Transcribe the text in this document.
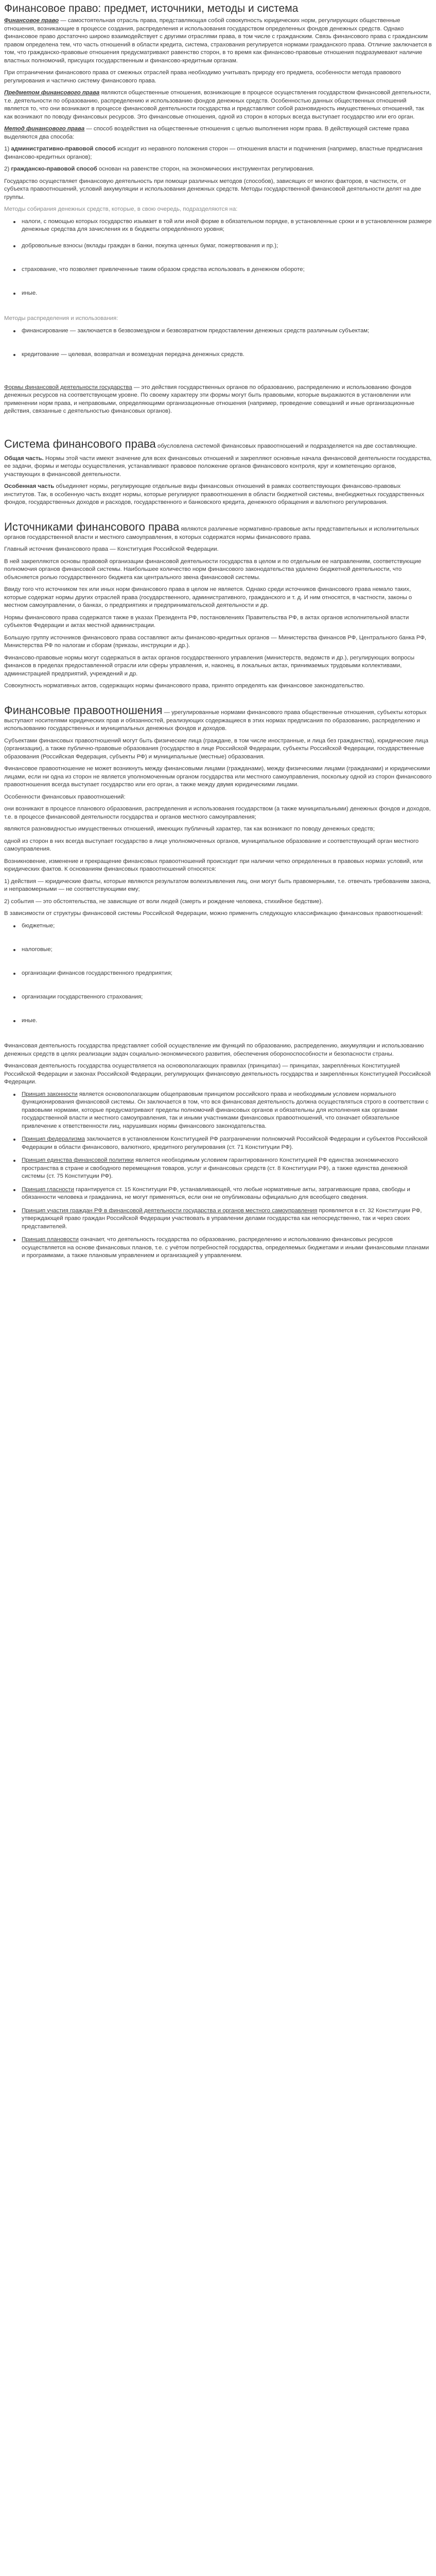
Финансовое право: предмет, источники, методы и система

Финансовое право — самостоятельная отрасль права, представляющая собой совокупность юридических норм, регулирующих общественные отношения, возникающие в процессе создания, распределения и использования государством определенных фондов денежных средств. Однако финансовое право достаточно широко взаимодействует с другими отраслями права, в том числе с гражданским. Связь финансового права с гражданским правом определена тем, что часть отношений в области кредита, система, страхования регулируется нормами гражданского права. Отличие заключается в том, что гражданско-правовые отношения предусматривают равенство сторон, в то время как финансово-правовые отношения подразумевают наличие властных полномочий, присущих государственным и финансово-кредитным органам.

При отграничении финансового права от смежных отраслей права необходимо учитывать природу его предмета, особенности метода правового регулирования и частично систему финансового права.

Предметом финансового права являются общественные отношения, возникающие в процессе осуществления государством финансовой деятельности, т.е. деятельности по образованию, распределению и использованию фондов денежных средств. Особенностью данных общественных отношений является то, что они возникают в процессе финансовой деятельности государства и представляют собой разновидность имущественных отношений, так как возникают по поводу финансовых ресурсов. Это финансовые отношения, одной из сторон в которых всегда выступает государство или его орган.

Метод финансового права — способ воздействия на общественные отношения с целью выполнения норм права. В действующей системе права выделяются два способа:

1) административно-правовой способ исходит из неравного положения сторон — отношения власти и подчинения (например, властные предписания финансово-кредитных органов);

2) гражданско-правовой способ основан на равенстве сторон, на экономических инструментах регулирования.

Государство осуществляет финансовую деятельность при помощи различных методов (способов), зависящих от многих факторов, в частности, от субъекта правоотношений, условий аккумуляции и использования денежных средств. Методы государственной финансовой деятельности делят на две группы.

Методы собирания денежных средств, которые, в свою очередь, подразделяются на:

налоги, с помощью которых государство изымает в той или иной форме в обязательном порядке, в установленные сроки и в установленном размере денежные средства для зачисления их в бюджеты определённого уровня;
добровольные взносы (вклады граждан в банки, покупка ценных бумаг, пожертвования и пр.);
страхование, что позволяет привлеченные таким образом средства использовать в денежном обороте;
иные.

Методы распределения и использования:

финансирование — заключается в безвозмездном и безвозвратном предоставлении денежных средств различным субъектам;
кредитование — целевая, возвратная и возмездная передача денежных средств.

Формы финансовой деятельности государства — это действия государственных органов по образованию, распределению и использованию фондов денежных ресурсов на соответствующем уровне. По своему характеру эти формы могут быть правовыми, которые выражаются в установлении или применении норм права, и неправовыми, определяющими организационные отношения (например, проведение совещаний и иные организационные действия, связанные с деятельностью финансовых органов).

Система финансового права обусловлена системой финансовых правоотношений и подразделяется на две составляющие.

Общая часть. Нормы этой части имеют значение для всех финансовых отношений и закрепляют основные начала финансовой деятельности государства, ее задачи, формы и методы осуществления, устанавливают правовое положение органов финансового контроля, круг и компетенцию органов, участвующих в финансовой деятельности.

Особенная часть объединяет нормы, регулирующие отдельные виды финансовых отношений в рамках соответствующих финансово-правовых институтов. Так, в особенную часть входят нормы, которые регулируют правоотношения в области бюджетной системы, внебюджетных государственных фондов, государственных доходов и расходов, государственного и банковского кредита, денежного обращения и валютного регулирования.

Источниками финансового права являются различные нормативно-правовые акты представительных и исполнительных органов государственной власти и местного самоуправления, в которых содержатся нормы финансового права.

Главный источник финансового права — Конституция Российской Федерации.

В ней закрепляются основы правовой организации финансовой деятельности государства в целом и по отдельным ее направлениям, соответствующие полномочия органов финансовой системы. Наибольшее количество норм финансового законодательства удалено бюджетной деятельности, что объясняется ролью государственного бюджета как центрального звена финансовой системы.

Ввиду того что источником тех или иных норм финансового права в целом не является. Однако среди источников финансового права немало таких, которые содержат нормы других отраслей права (государственного, административного, гражданского и т. д. И ним относятся, в частности, законы о местном самоуправлении, о банках, о предприятиях и предпринимательской деятельности и др.

Нормы финансового права содержатся также в указах Президента РФ, постановлениях Правительства РФ, в актах органов исполнительной власти субъектов Федерации и актах местной администрации.

Большую группу источников финансового права составляют акты финансово-кредитных органов — Министерства финансов РФ, Центрального банка РФ, Министерства РФ по налогам и сборам (приказы, инструкции и др.).

Финансово-правовые нормы могут содержаться в актах органов государственного управления (министерств, ведомств и др.), регулирующих вопросы финансов в пределах предоставленной отрасли или сферы управления, и, наконец, в локальных актах, принимаемых трудовыми коллективами, администрацией предприятий, учреждений и др.

Совокупность нормативных актов, содержащих нормы финансового права, принято определять как финансовое законодательство.

Финансовые правоотношения — урегулированные нормами финансового права общественные отношения, субъекты которых выступают носителями юридических прав и обязанностей, реализующих содержащиеся в этих нормах предписания по образованию, распределению и использованию государственных и муниципальных денежных фондов и доходов.

Субъектами финансовых правоотношений могут быть физические лица (граждане, в том числе иностранные, и лица без гражданства), юридические лица (организации), а также публично-правовые образования (государство в лице Российской Федерации, субъекты Российской Федерации, государственные образования (Российская Федерация, субъекты РФ) и муниципальные (местные) образования.

Финансовое правоотношение не может возникнуть между финансовыми лицами (гражданами), между физическими лицами (гражданами) и юридическими лицами, если ни одна из сторон не является уполномоченным органом государства или местного самоуправления, поскольку одной из сторон финансового правоотношения всегда выступает государство или его орган, а также между двумя юридическими лицами.

Особенности финансовых правоотношений:

они возникают в процессе планового образования, распределения и использования государством (а также муниципальными) денежных фондов и доходов, т.е. в процессе финансовой деятельности государства и органов местного самоуправления;

являются разновидностью имущественных отношений, имеющих публичный характер, так как возникают по поводу денежных средств;

одной из сторон в них всегда выступает государство в лице уполномоченных органов, муниципальное образование и соответствующий орган местного самоуправления.

Возникновение, изменение и прекращение финансовых правоотношений происходит при наличии четко определенных в правовых нормах условий, или юридических фактов. К основаниям финансовых правоотношений относятся:

1) действия — юридические факты, которые являются результатом волеизъявления лиц, они могут быть правомерными, т.е. отвечать требованиям закона, и неправомерными — не соответствующими ему;

2) события — это обстоятельства, не зависящие от воли людей (смерть и рождение человека, стихийное бедствие).

В зависимости от структуры финансовой системы Российской Федерации, можно применить следующую классификацию финансовых правоотношений:

бюджетные;
налоговые;
организации финансов государственного предприятия;
организации государственного страхования;
иные.

Финансовая деятельность государства представляет собой осуществление им функций по образованию, распределению, аккумуляции и использованию денежных средств в целях реализации задач социально-экономического развития, обеспечения обороноспособности и безопасности страны.

Финансовая деятельность государства осуществляется на основополагающих правилах (принципах) — принципах, закреплённых Конституцией Российской Федерации и законах Российской Федерации, регулирующих финансовую деятельность государства и закреплённых Конституцией Российской Федерации.

Принцип законности является основополагающим общеправовым принципом российского права и необходимым условием нормального функционирования финансовой системы. Он заключается в том, что вся финансовая деятельность должна осуществляться строго в соответствии с правовыми нормами, которые предусматривают пределы полномочий финансовых органов и обязательны для исполнения как органами государственной власти и местного самоуправления, так и иными участниками финансовых правоотношений, что означает обязательное привлечение к ответственности лиц, нарушивших нормы финансового законодательства.
Принцип федерализма заключается в установленном Конституцией РФ разграничении полномочий Российской Федерации и субъектов Российской Федерации в области финансового, валютного, кредитного регулирования (ст. 71 Конституции РФ).
Принцип единства финансовой политики является необходимым условием гарантированного Конституцией РФ единства экономического пространства в стране и свободного перемещения товаров, услуг и финансовых средств (ст. 8 Конституции РФ), а также единства денежной системы (ст. 75 Конституции РФ).
Принцип гласности гарантируется ст. 15 Конституции РФ, устанавливающей, что любые нормативные акты, затрагивающие права, свободы и обязанности человека и гражданина, не могут применяться, если они не опубликованы официально для всеобщего сведения.
Принцип участия граждан РФ в финансовой деятельности государства и органов местного самоуправления проявляется в ст. 32 Конституции РФ, утверждающей право граждан Российской Федерации участвовать в управлении делами государства как непосредственно, так и через своих представителей.
Принцип плановости означает, что деятельность государства по образованию, распределению и использованию финансовых ресурсов осуществляется на основе финансовых планов, т.е. с учётом потребностей государства, определяемых бюджетами и иными финансовыми планами и программами, а также плановым управлением и организацией у управлением.
